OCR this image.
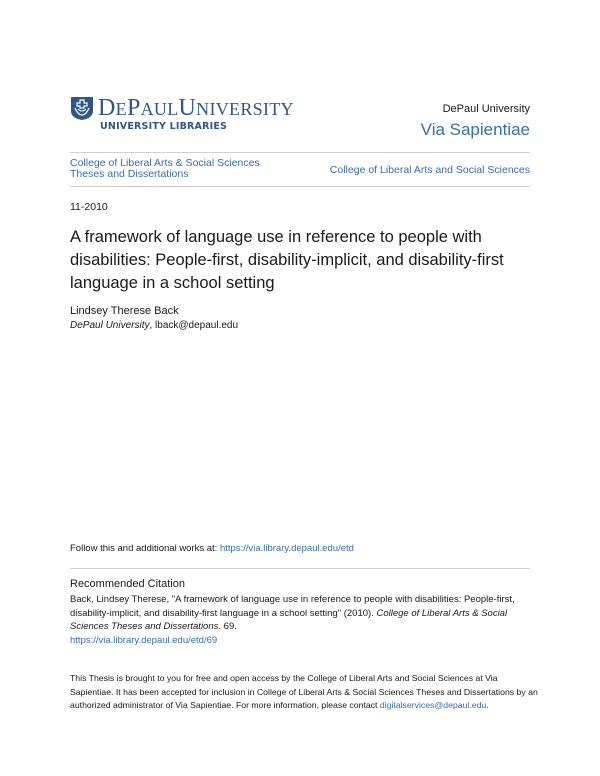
DEPAULUNIVERSITY
UNIVERSITY LIBRARIES
DePaul University
Via Sapientiae
College of Liberal Arts & Social Sciences
Theses and Dissertations	College of Liberal Arts and Social Sciences
11-2010
A framework of language use in reference to people with disabilities: People-first, disability-implicit, and disability-first language in a school setting
Lindsey Therese Back
DePaul University, lback@depaul.edu
Follow this and additional works at: https://via.library.depaul.edu/etd
Recommended Citation
Back, Lindsey Therese, "A framework of language use in reference to people with disabilities: People-first, disability-implicit, and disability-first language in a school setting" (2010). College of Liberal Arts & Social Sciences Theses and Dissertations. 69.
https://via.library.depaul.edu/etd/69
This Thesis is brought to you for free and open access by the College of Liberal Arts and Social Sciences at Via Sapientiae. It has been accepted for inclusion in College of Liberal Arts & Social Sciences Theses and Dissertations by an authorized administrator of Via Sapientiae. For more information, please contact digitalservices@depaul.edu.
